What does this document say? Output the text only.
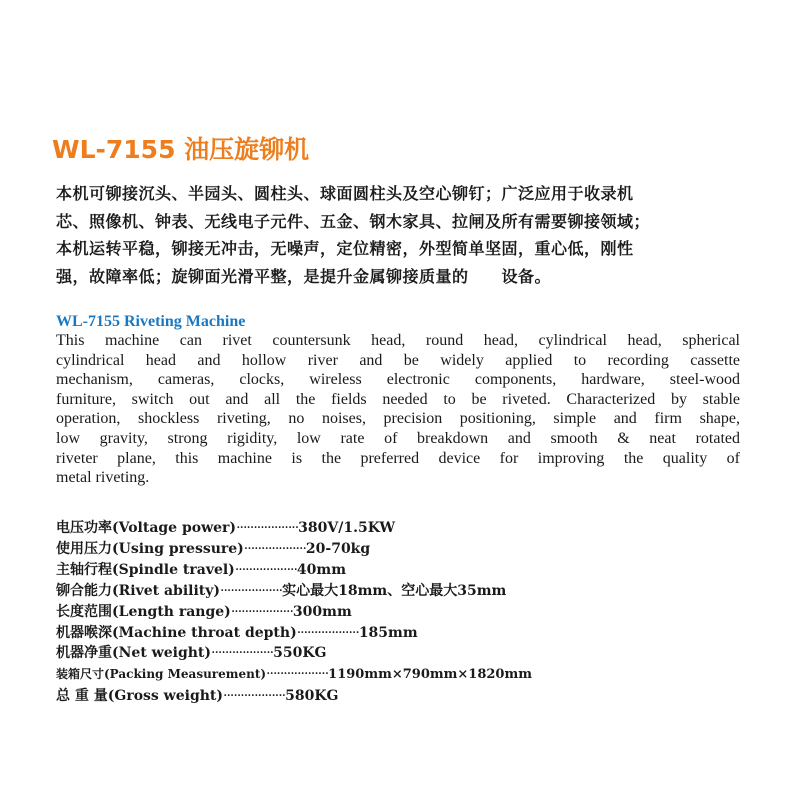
WL-7155 油压旋铆机
本机可铆接沉头、半园头、圆柱头、球面圆柱头及空心铆钉；广泛应用于收录机
芯、照像机、钟表、无线电子元件、五金、钢木家具、拉闸及所有需要铆接领域；
本机运转平稳，铆接无冲击，无噪声，定位精密，外型简单坚固，重心低，刚性
强，故障率低；旋铆面光滑平整，是提升金属铆接质量的　　设备。
WL-7155 Riveting Machine
This machine can rivet countersunk head, round head, cylindrical head, spherical
cylindrical head and hollow river and be widely applied to recording cassette
mechanism, cameras, clocks, wireless electronic components, hardware, steel-wood
furniture, switch out and all the fields needed to be riveted. Characterized by stable
operation, shockless riveting, no noises, precision positioning, simple and firm shape,
low gravity, strong rigidity, low rate of breakdown and smooth & neat rotated
riveter plane, this machine is the preferred device for improving the quality of
metal riveting.
电压功率(Voltage power)··················380V/1.5KW
使用压力(Using pressure)··················20-70kg
主轴行程(Spindle travel)··················40mm
铆合能力(Rivet ability)··················实心最大18mm、空心最大35mm
长度范围(Length range)··················300mm
机器喉深(Machine throat depth)··················185mm
机器净重(Net weight)··················550KG
装箱尺寸(Packing Measurement)··················1190mm×790mm×1820mm
总 重 量(Gross weight)··················580KG
